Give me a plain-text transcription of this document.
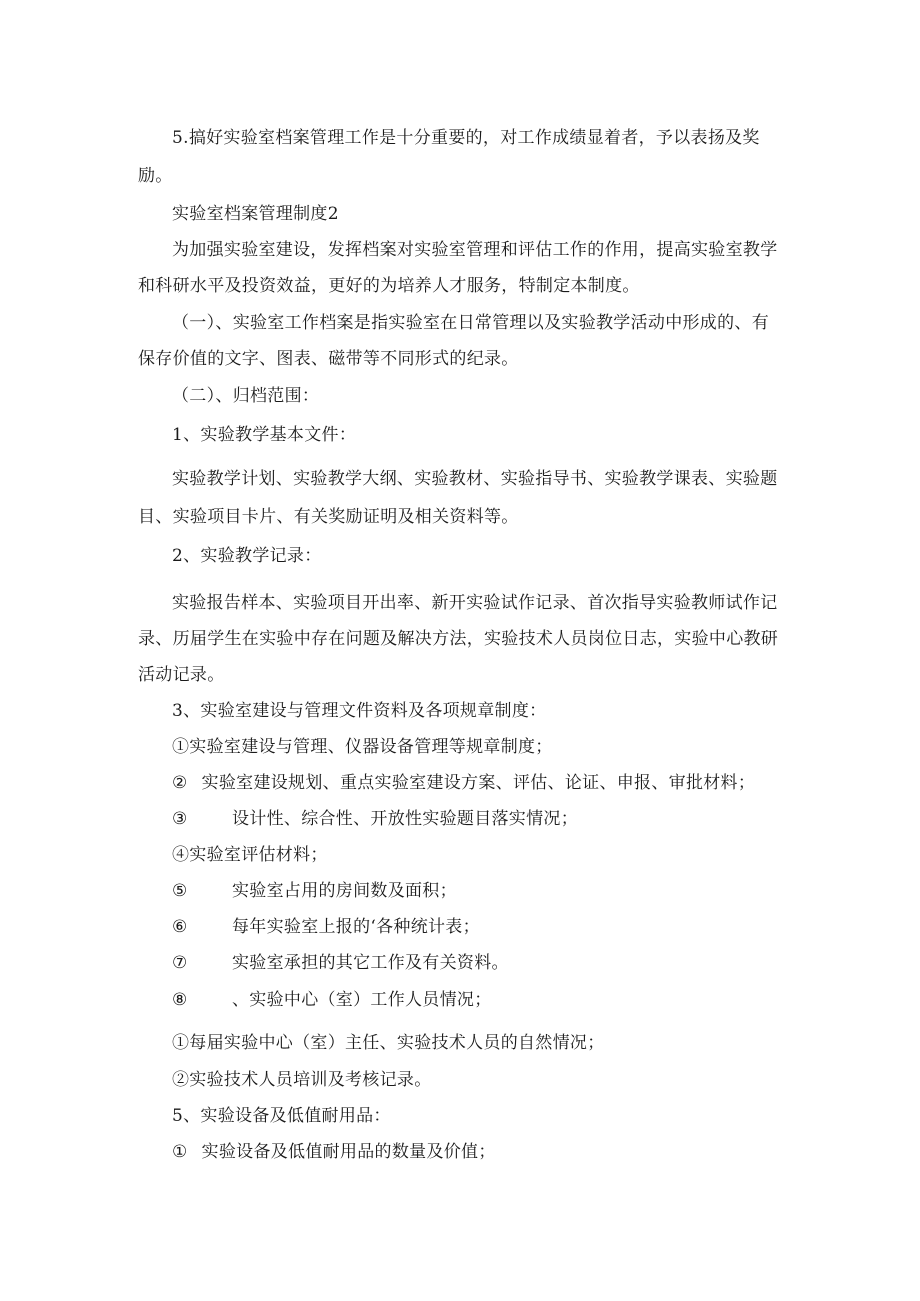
5.搞好实验室档案管理工作是十分重要的，对工作成绩显着者，予以表扬及奖
励。
实验室档案管理制度2
为加强实验室建设，发挥档案对实验室管理和评估工作的作用，提高实验室教学
和科研水平及投资效益，更好的为培养人才服务，特制定本制度。
（一）、实验室工作档案是指实验室在日常管理以及实验教学活动中形成的、有
保存价值的文字、图表、磁带等不同形式的纪录。
（二）、归档范围：
1、实验教学基本文件：
实验教学计划、实验教学大纲、实验教材、实验指导书、实验教学课表、实验题
目、实验项目卡片、有关奖励证明及相关资料等。
2、实验教学记录：
实验报告样本、实验项目开出率、新开实验试作记录、首次指导实验教师试作记
录、历届学生在实验中存在问题及解决方法，实验技术人员岗位日志，实验中心教研
活动记录。
3、实验室建设与管理文件资料及各项规章制度：
①实验室建设与管理、仪器设备管理等规章制度；
② 实验室建设规划、重点实验室建设方案、评估、论证、申报、审批材料；
③	设计性、综合性、开放性实验题目落实情况；
④实验室评估材料；
⑤	实验室占用的房间数及面积；
⑥	每年实验室上报的‘各种统计表；
⑦	实验室承担的其它工作及有关资料。
⑧	、实验中心（室）工作人员情况；
①每届实验中心（室）主任、实验技术人员的自然情况；
②实验技术人员培训及考核记录。
5、实验设备及低值耐用品：
① 实验设备及低值耐用品的数量及价值；
